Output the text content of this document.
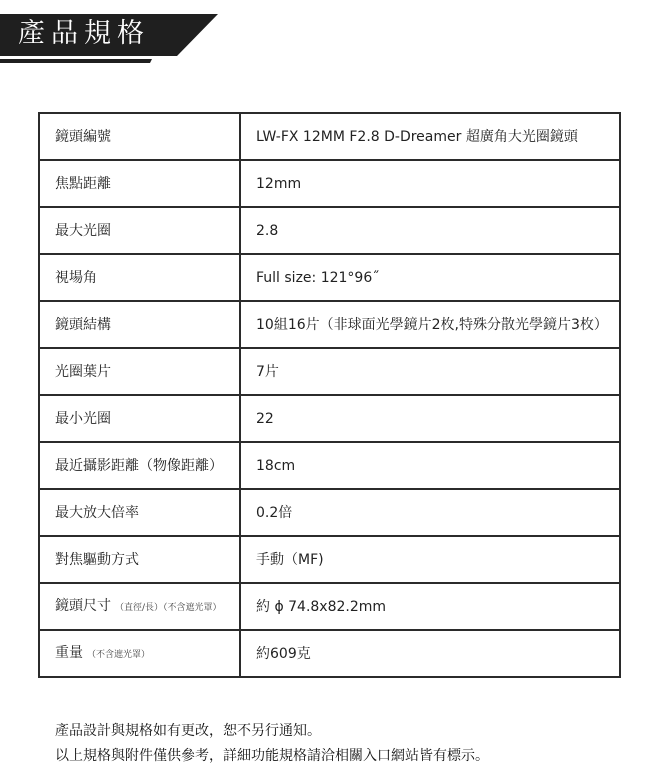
產品規格
鏡頭編號	LW-FX 12MM F2.8 D-Dreamer 超廣角大光圈鏡頭
焦點距離	12mm
最大光圈	2.8
視場角	Full size: 121°96˝
鏡頭結構	10組16片（非球面光學鏡片2枚,特殊分散光學鏡片3枚）
光圈葉片	7片
最小光圈	22
最近攝影距離（物像距離）	18cm
最大放大倍率	0.2倍
對焦驅動方式	手動（MF)
鏡頭尺寸 （直徑/長）（不含遮光罩）	約 ϕ 74.8x82.2mm
重量 （不含遮光罩）	約609克
產品設計與規格如有更改，恕不另行通知。
以上規格與附件僅供參考，詳細功能規格請洽相關入口網站皆有標示。
